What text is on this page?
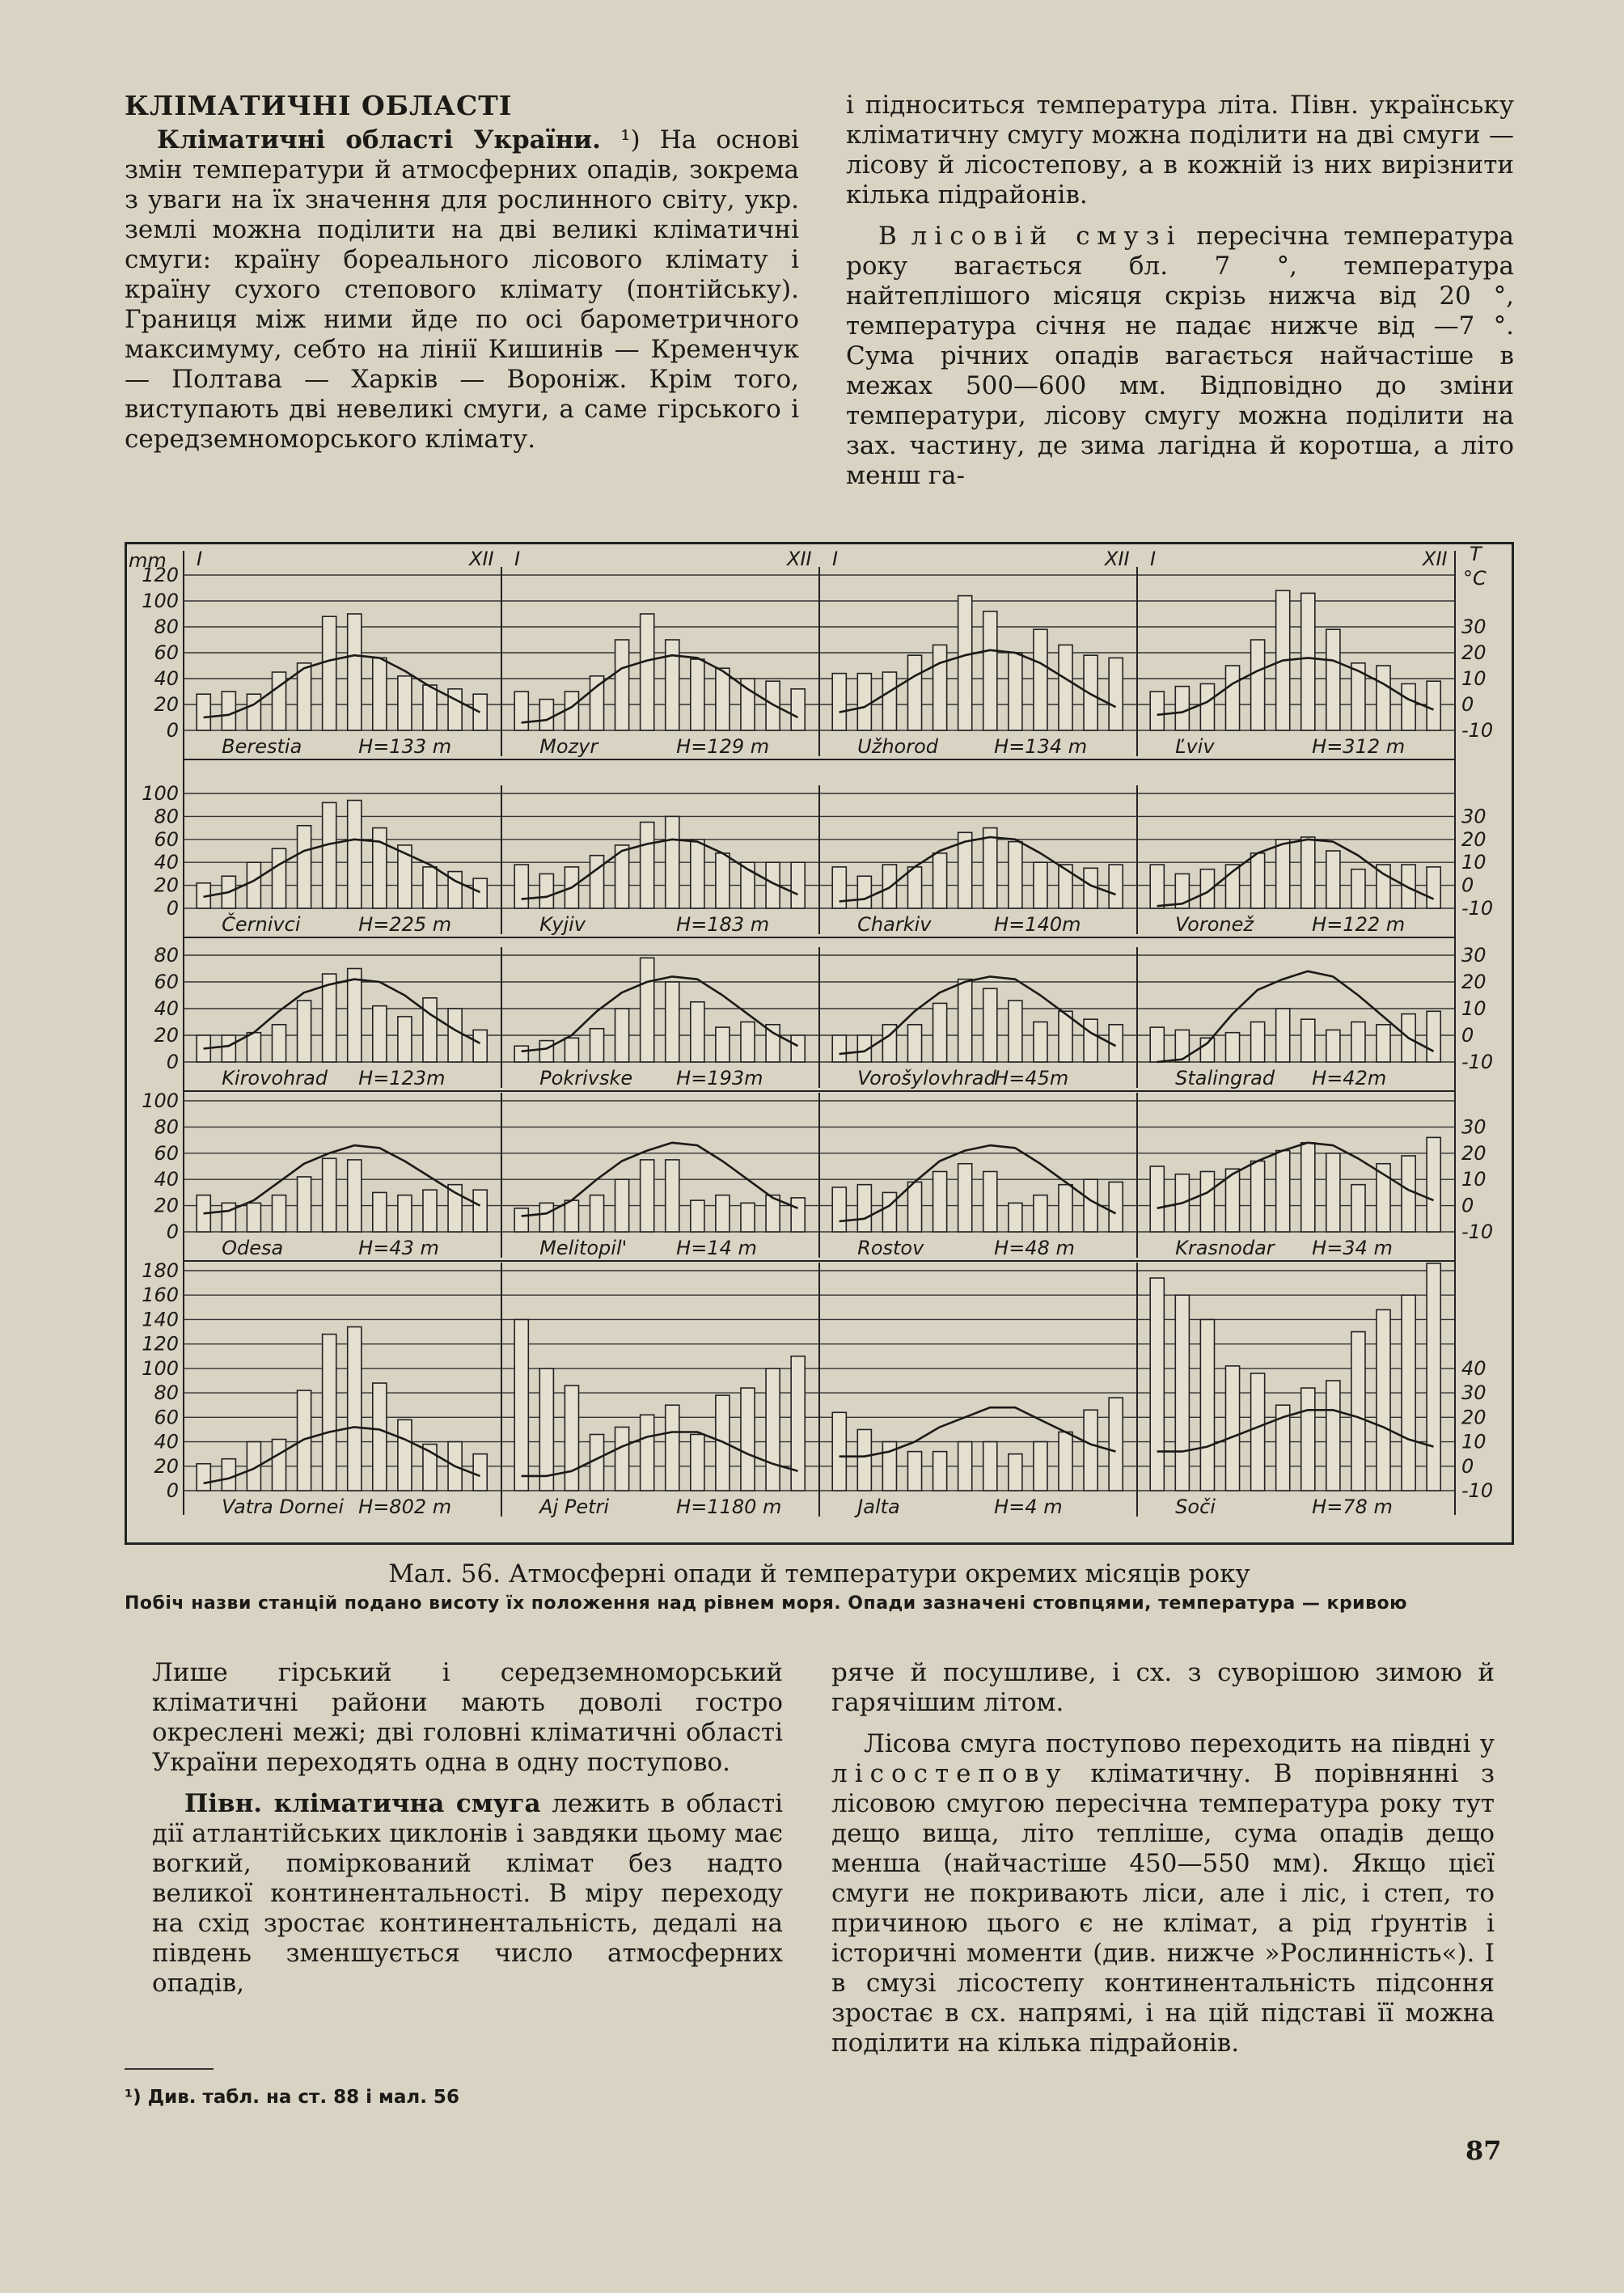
КЛІМАТИЧНІ ОБЛАСТІ

Кліматичні області України. ¹) На основі змін температури й атмосферних опадів, зокрема з уваги на їх значення для рослинного світу, укр. землі можна поділити на дві великі кліматичні смуги: країну бореального лісового клімату і країну сухого степового клімату (понтійську). Границя між ними йде по осі барометричного максимуму, себто на лінії Кишинів — Кременчук — Полтава — Харків — Вороніж. Крім того, виступають дві невеликі смуги, а саме гірського і середземноморського клімату.

і підноситься температура літа. Півн. українську кліматичну смугу можна поділити на дві смуги — лісову й лісостепову, а в кожній із них вирізнити кілька підрайонів.

В лісовій смузі пересічна температура року вагається бл. 7 °, температура найтеплішого місяця скрізь нижча від 20 °, температура січня не падає нижче від —7 °. Сума річних опадів вагається найчастіше в межах 500—600 мм. Відповідно до зміни температури, лісову смугу можна поділити на зах. частину, де зима лагідна й коротша, а літо менш га-

mm	T
°C
I	XII I	XII I	XII I	XII
0
20
40
60
80
100
120
-10
0
10
20
30
Berestia	H=133 m	Mozyr	H=129 m	Užhorod	H=134 m	Ľviv	H=312 m
0
20
40
60
80
100
-10
0
10
20
30
Černivci	H=225 m	Kyjiv	H=183 m	Charkiv	H=140m	Voronež	H=122 m
0
20
40
60
80
-10
0
10
20
30
Kirovohrad H=123m	Pokrivske H=193m	Vorošylovhrad
H=45m	Stalingrad H=42m
0
20
40
60
80
100
-10
0
10
20
30
Odesa	H=43 m	Melitopil'	H=14 m	Rostov	H=48 m	Krasnodar H=34 m
0
20
40
60
80
100
120
140
160
180
-10
0
10
20
30
40
Vatra Dornei H=802 m	Aj Petri	H=1180 m	Jalta	H=4 m	Soči	H=78 m
Мал. 56. Атмосферні опади й температури окремих місяців року
Побіч назви станцій подано висоту їх положення над рівнем моря. Опади зазначені стовпцями, температура — кривою

Лише гірський і середземноморський кліматичні райони мають доволі гостро окреслені межі; дві головні кліматичні області України переходять одна в одну поступово.

Півн. кліматична смуга лежить в області дії атлантійських циклонів і завдяки цьому має вогкий, поміркований клімат без надто великої континентальності. В міру переходу на схід зростає континентальність, дедалі на південь зменшується число атмосферних опадів,

ряче й посушливе, і сх. з суворішою зимою й гарячішим літом.

Лісова смуга поступово переходить на півдні у лісостепову кліматичну. В порівнянні з лісовою смугою пересічна температура року тут дещо вища, літо тепліше, сума опадів дещо менша (найчастіше 450—550 мм). Якщо цієї смуги не покривають ліси, але і ліс, і степ, то причиною цього є не клімат, а рід ґрунтів і історичні моменти (див. нижче »Рослинність«). І в смузі лісостепу континентальність підсоння зростає в сх. напрямі, і на цій підставі її можна поділити на кілька підрайонів.

¹) Див. табл. на ст. 88 і мал. 56
87
